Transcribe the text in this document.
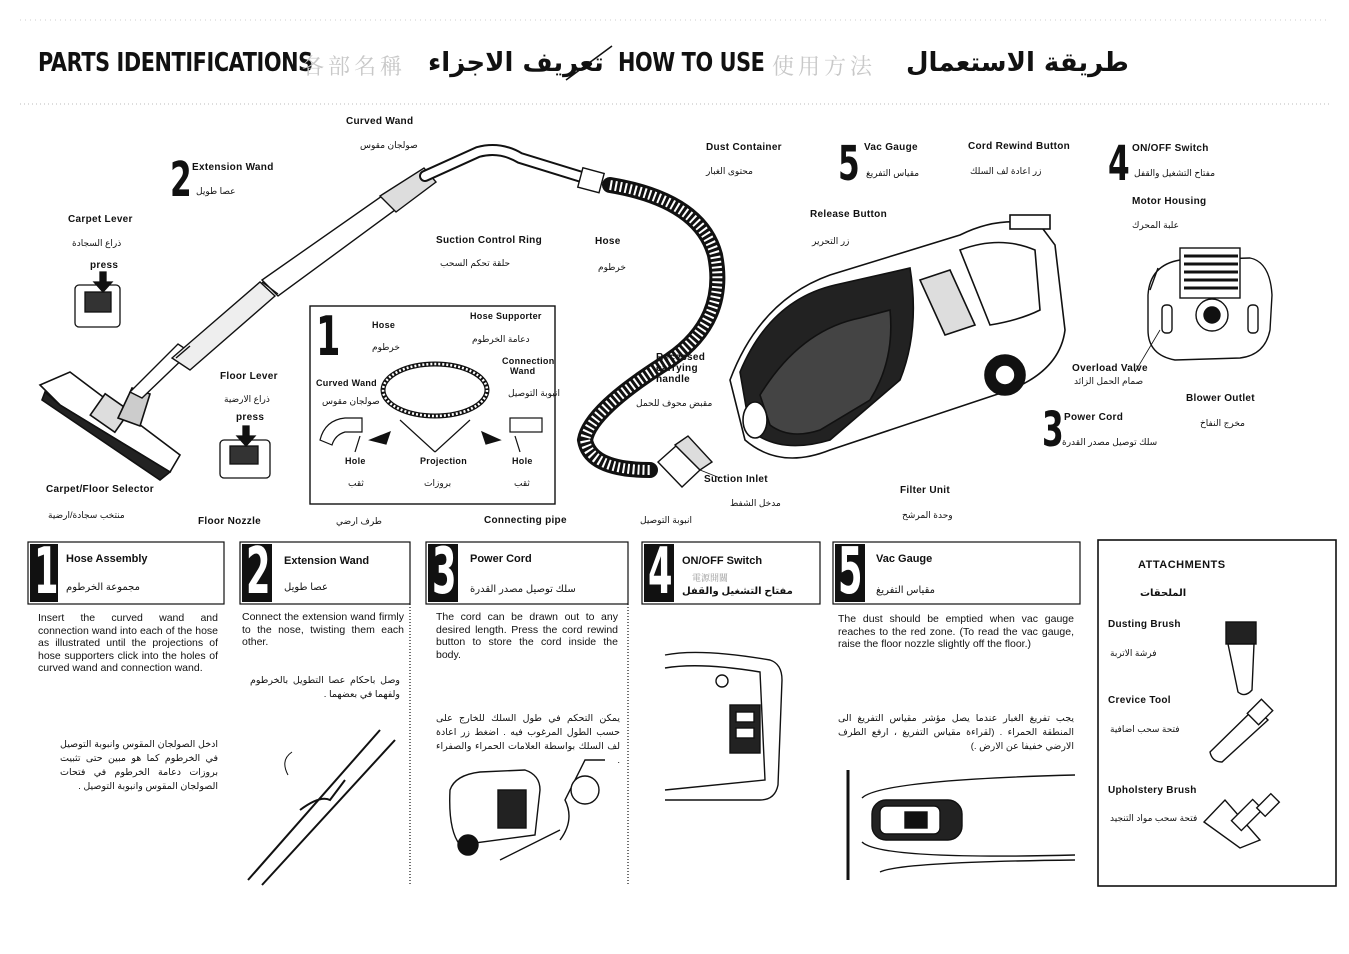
PARTS IDENTIFICATIONS
各部名稱 تعريف الاجزاء HOW TO USE 使用方法 طريقة الاستعمال
Curved Wand
صولجان مقوس
2 Extension Wand
عصا طويل
Carpet Lever
ذراع السجادة
press
Floor Lever
ذراع الارضية
press
Carpet/Floor Selector
منتخب سجادة/ارضية
Floor Nozzle	طرف ارضي	Connecting pipe	انبوبة التوصيل
Suction Control Ring
حلقة تحكم السحب
Hose
خرطوم
Dust Container
محتوى الغبار 5 Vac Gauge
مقياس التفريغ
Cord Rewind Button
زر اعادة لف السلك 4 ON/OFF Switch
مفتاح التشغيل والقفل
Motor Housing
علبة المحرك
Release Button
زر التحرير
Recessed
carrying
handle
مقبض محوف للحمل
Overload Valve
صمام الحمل الزائد
Blower Outlet
مخرج النفاخ
3 Power Cord
سلك توصيل مصدر القدرة
Suction Inlet
مدخل الشفط
Filter Unit
وحدة المرشح
1	Hose
خرطوم
Hose Supporter
دعامة الخرطوم
Connection
Wand
انبوبة التوصيل
Curved Wand
صولجان مقوس
Hole
ثقب
Projection
بروزات
Hole
ثقب
1 Hose Assembly
مجموعة الخرطوم
Insert the curved wand and connection wand into each of the hose as illustrated until the projections of hose supporters click into the holes of curved wand and connection wand.
ادخل الصولجان المقوس وانبوبة التوصيل في الخرطوم كما هو مبين حتى تثبيت بروزات دعامة الخرطوم في فتحات الصولجان المقوس وانبوبة التوصيل .
2 Extension Wand
عصا طويل
Connect the extension wand firmly to the nose, twisting them each other.
وصل باحكام عصا التطويل بالخرطوم ولفهما في بعضهما .
3 Power Cord
سلك توصيل مصدر القدرة
The cord can be drawn out to any desired length. Press the cord rewind button to store the cord inside the body.
يمكن التحكم في طول السلك للخارج على حسب الطول المرغوب فيه . اضغط زر اعادة لف السلك بواسطة العلامات الحمراء والصفراء .
4 ON/OFF Switch
電源開關
مفتاح التشغيل والقفل 5 Vac Gauge
مقياس التفريغ
The dust should be emptied when vac gauge reaches to the red zone. (To read the vac gauge, raise the floor nozzle slightly off the floor.)
يجب تفريغ الغبار عندما يصل مؤشر مقياس التفريغ الى المنطقة الحمراء . (لقراءة مقياس التفريغ ، ارفع الطرف الارضي خفيفا عن الارض .)
ATTACHMENTS
الملحقات
Dusting Brush
فرشة الاتربة
Crevice Tool
فتحة سحب اضافية
Upholstery Brush
فتحة سحب مواد التنجيد
